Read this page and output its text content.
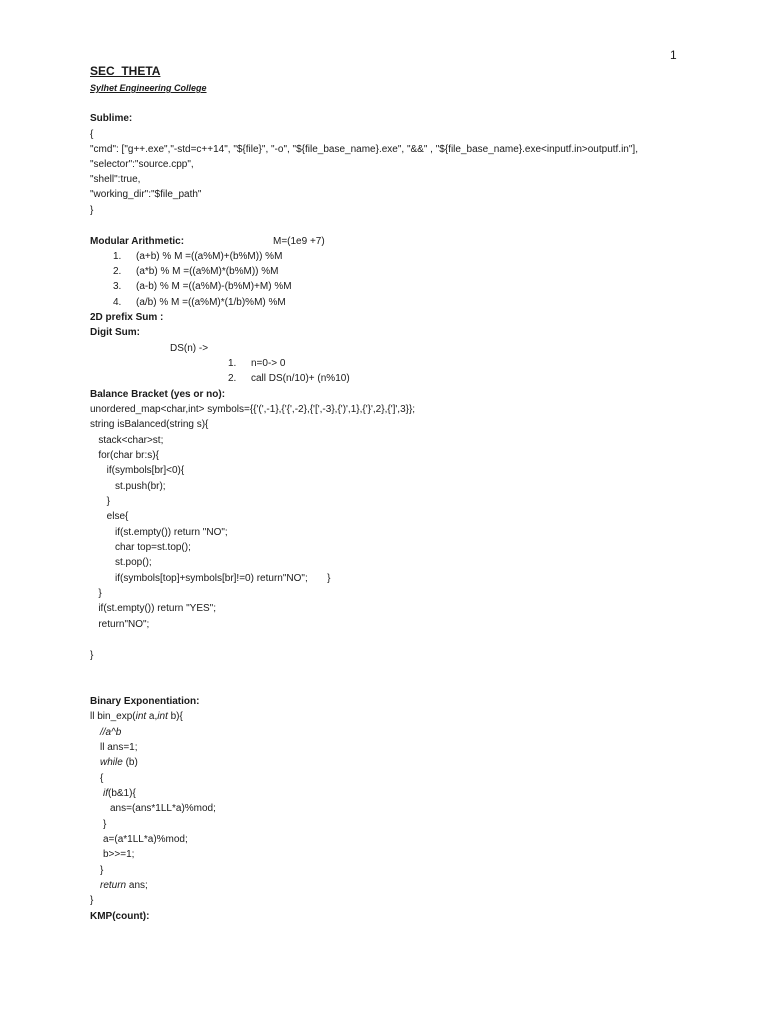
1
SEC  THETA
Sylhet Engineering College
Sublime:
{
"cmd": ["g++.exe","-std=c++14", "${file}", "-o", "${file_base_name}.exe", "&&" , "${file_base_name}.exe<inputf.in>outputf.in"],
"selector":"source.cpp",
"shell":true,
"working_dir":"$file_path"
}
Modular Arithmetic:	M=(1e9 +7)
1. (a+b) % M =((a%M)+(b%M)) %M
2. (a*b) % M =((a%M)*(b%M)) %M
3. (a-b) % M =((a%M)-(b%M)+M) %M
4. (a/b) % M =((a%M)*(1/b)%M) %M
2D prefix Sum :
Digit Sum:
DS(n) ->
1. n=0-> 0
2. call DS(n/10)+ (n%10)
Balance Bracket (yes or no):
unordered_map<char,int> symbols={{'(',-1},{'{',-2},{'[',-3},{')',1},{'}',2},{']',3}};
string isBalanced(string s){
stack<char>st;
for(char br:s){
if(symbols[br]<0){
st.push(br);
}
else{
if(st.empty()) return "NO";
char top=st.top();
st.pop();
if(symbols[top]+symbols[br]!=0) return"NO";       }
}
if(st.empty()) return "YES";
return"NO";
}
Binary Exponentiation:
ll bin_exp(int a,int b){
//a^b
ll ans=1;
while (b)
{
if(b&1){
ans=(ans*1LL*a)%mod;
}
a=(a*1LL*a)%mod;
b>>=1;
}
return ans;
}
KMP(count):
